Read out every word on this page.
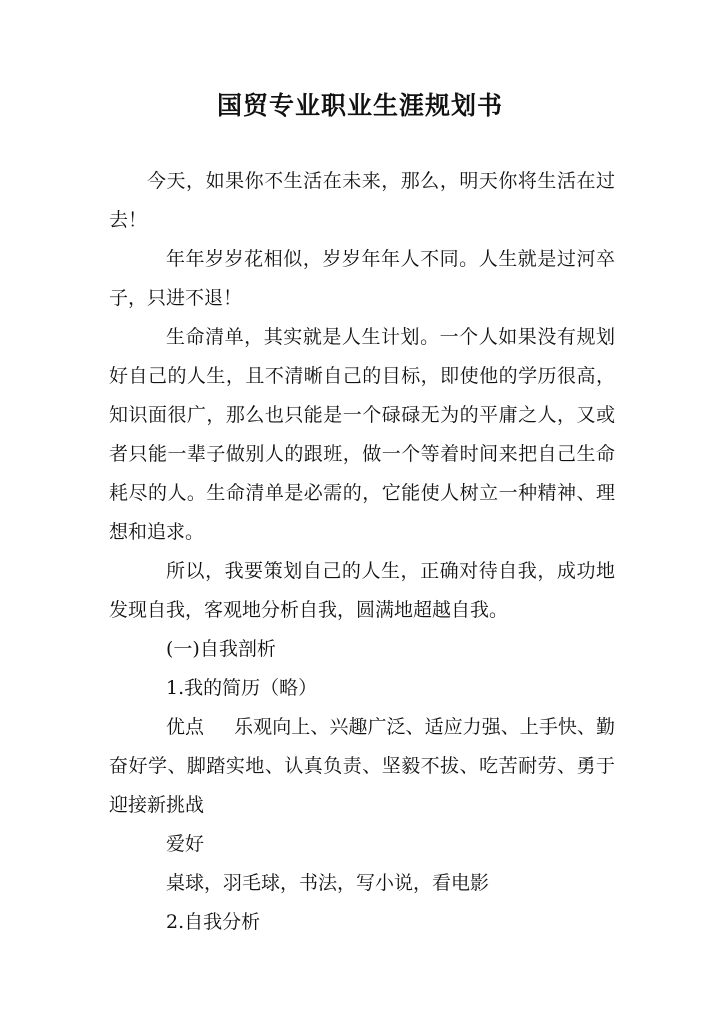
国贸专业职业生涯规划书

今天，如果你不生活在未来，那么，明天你将生活在过去！

年年岁岁花相似，岁岁年年人不同。人生就是过河卒子，只进不退！

生命清单，其实就是人生计划。一个人如果没有规划好自己的人生，且不清晰自己的目标，即使他的学历很高，知识面很广，那么也只能是一个碌碌无为的平庸之人，又或者只能一辈子做别人的跟班，做一个等着时间来把自己生命耗尽的人。生命清单是必需的，它能使人树立一种精神、理想和追求。

所以，我要策划自己的人生，正确对待自我，成功地发现自我，客观地分析自我，圆满地超越自我。

(一)自我剖析

1.我的简历（略）

优点 乐观向上、兴趣广泛、适应力强、上手快、勤奋好学、脚踏实地、认真负责、坚毅不拔、吃苦耐劳、勇于迎接新挑战

爱好

桌球，羽毛球，书法，写小说，看电影

2.自我分析
